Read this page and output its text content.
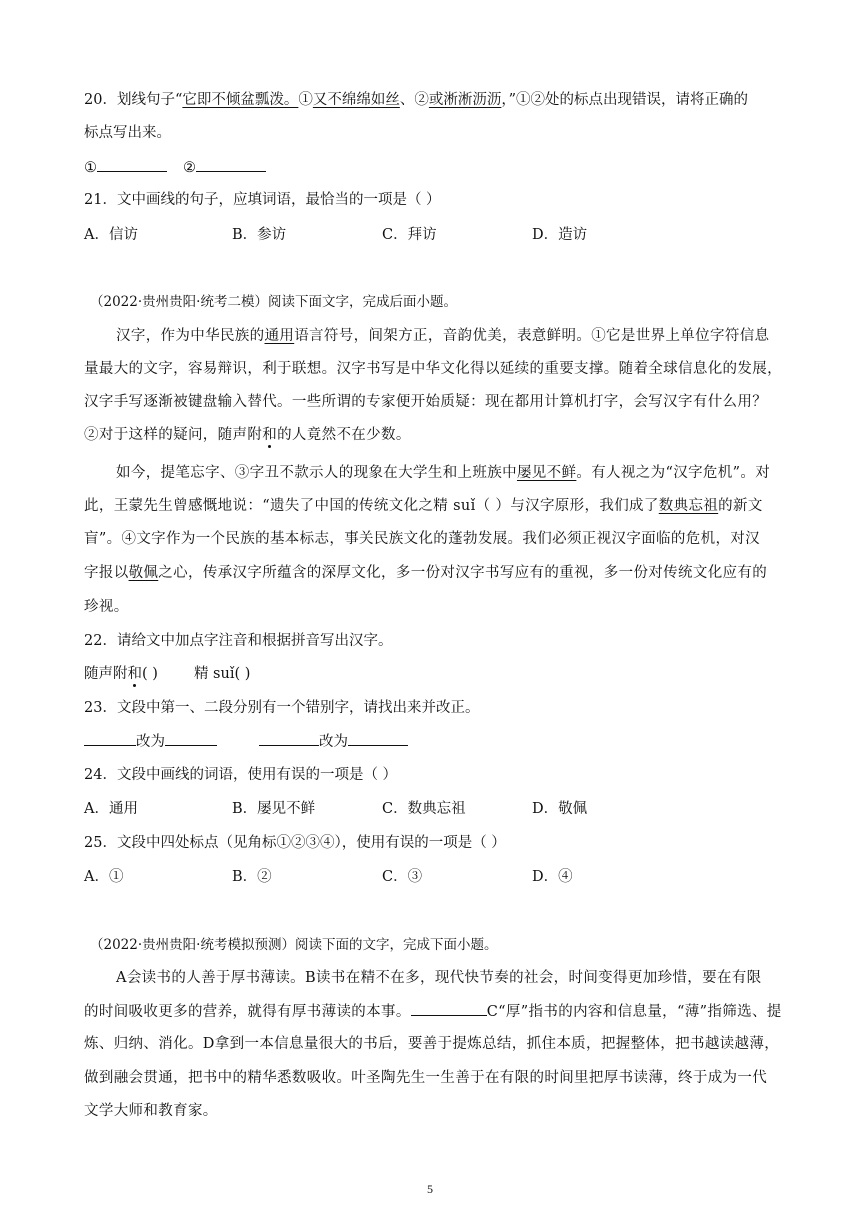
20．划线句子“它即不倾盆瓢泼。①又不绵绵如丝、②或淅淅沥沥，”①②处的标点出现错误，请将正确的
标点写出来。
①	②
21．文中画线的句子，应填词语，最恰当的一项是（ ）
A．信访	B．参访	C．拜访	D．造访
（2022·贵州贵阳·统考二模）阅读下面文字，完成后面小题。
汉字，作为中华民族的通用语言符号，间架方正，音韵优美，表意鲜明。①它是世界上单位字符信息
量最大的文字，容易辩识，利于联想。汉字书写是中华文化得以延续的重要支撑。随着全球信息化的发展，
汉字手写逐渐被键盘输入替代。一些所谓的专家便开始质疑：现在都用计算机打字，会写汉字有什么用？
②对于这样的疑问，随声附和的人竟然不在少数。
如今，提笔忘字、③字丑不款示人的现象在大学生和上班族中屡见不鲜。有人视之为“汉字危机”。对
此，王蒙先生曾感慨地说：“遗失了中国的传统文化之精 suǐ（ ）与汉字原形，我们成了数典忘祖的新文
盲”。④文字作为一个民族的基本标志，事关民族文化的蓬勃发展。我们必须正视汉字面临的危机，对汉
字报以敬佩之心，传承汉字所蕴含的深厚文化，多一份对汉字书写应有的重视，多一份对传统文化应有的
珍视。
22．请给文中加点字注音和根据拼音写出汉字。
随声附和( ) 精 suǐ( )
23．文段中第一、二段分别有一个错别字，请找出来并改正。
改为	改为
24．文段中画线的词语，使用有误的一项是（ ）
A．通用	B．屡见不鲜	C．数典忘祖	D．敬佩
25．文段中四处标点（见角标①②③④），使用有误的一项是（ ）
A．①	B．②	C．③	D．④
（2022·贵州贵阳·统考模拟预测）阅读下面的文字，完成下面小题。
A会读书的人善于厚书薄读。B读书在精不在多，现代快节奏的社会，时间变得更加珍惜，要在有限
的时间吸收更多的营养，就得有厚书薄读的本事。	C“厚”指书的内容和信息量，“薄”指筛选、提
炼、归纳、消化。D拿到一本信息量很大的书后，要善于提炼总结，抓住本质，把握整体，把书越读越薄，
做到融会贯通，把书中的精华悉数吸收。叶圣陶先生一生善于在有限的时间里把厚书读薄，终于成为一代
文学大师和教育家。
5
